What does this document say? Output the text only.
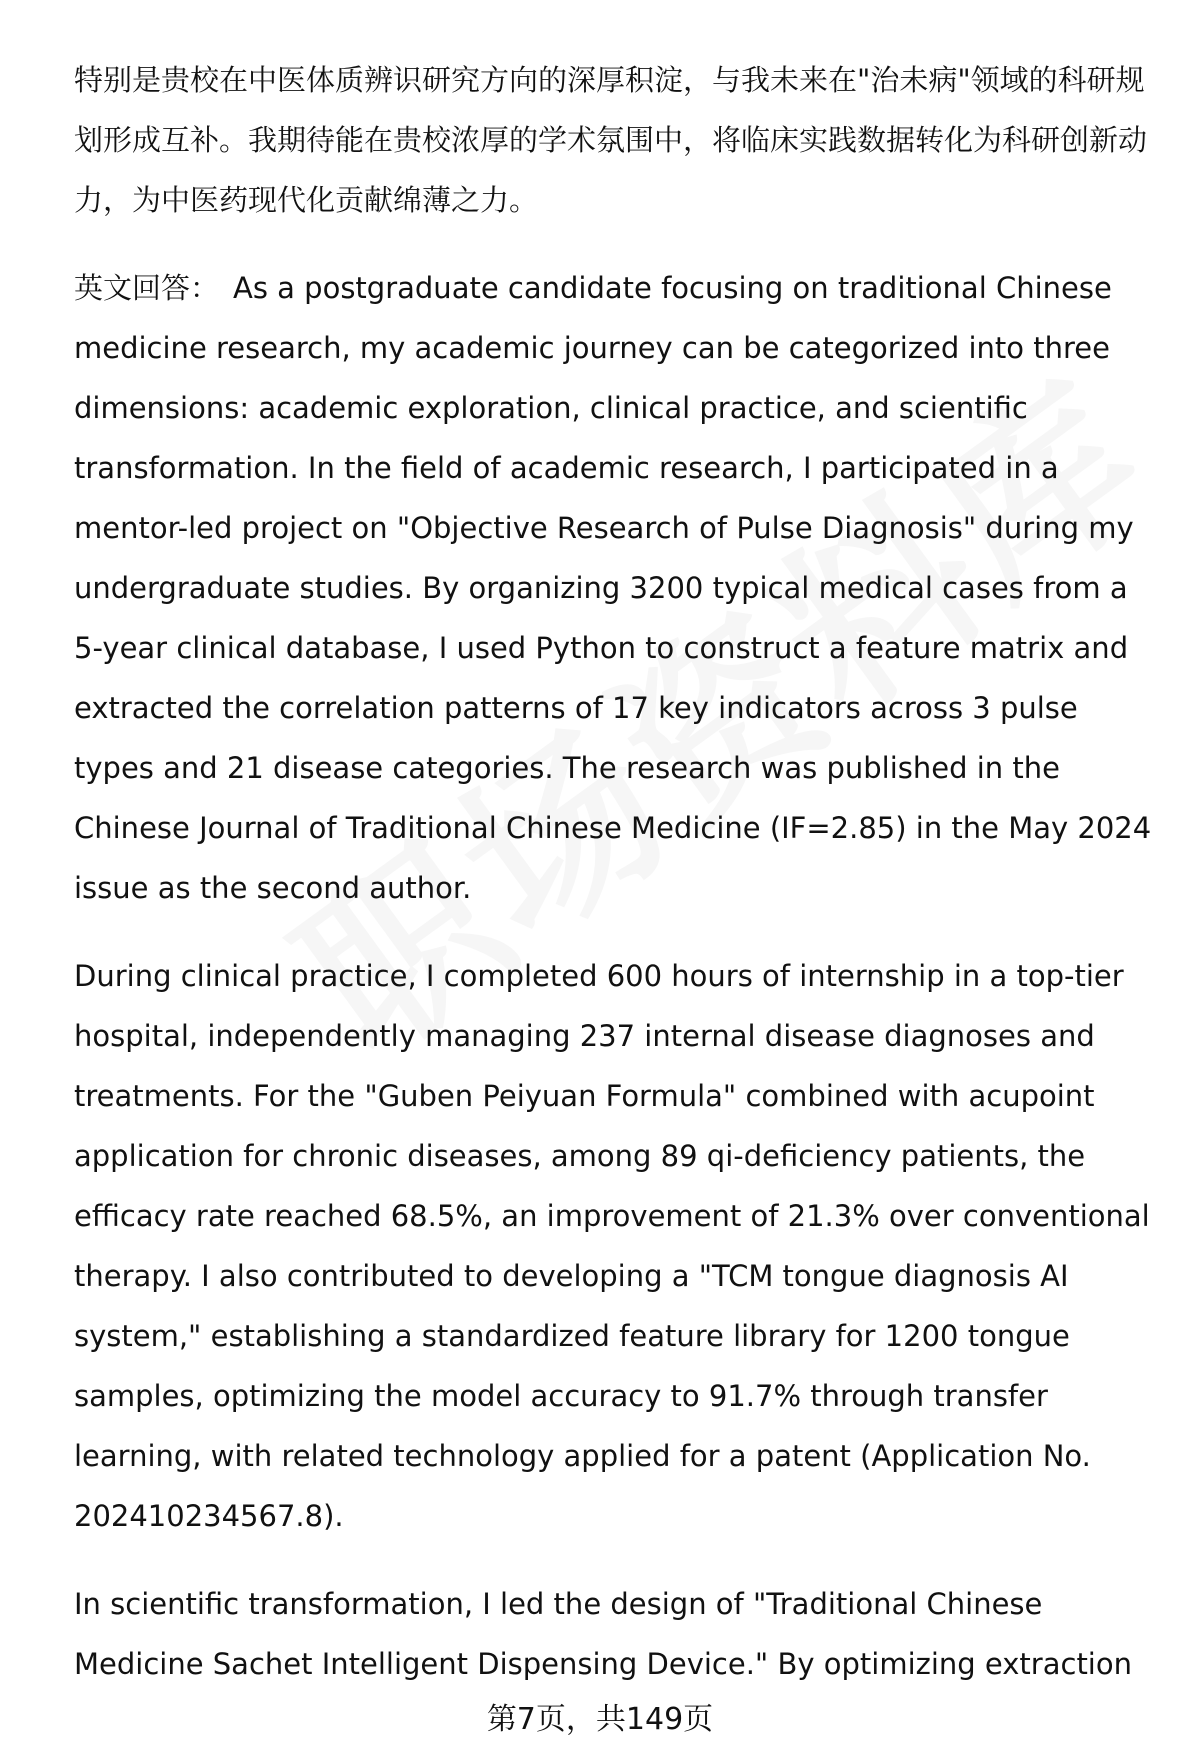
特别是贵校在中医体质辨识研究方向的深厚积淀，与我未来在"治未病"领域的科研规划形成互补。我期待能在贵校浓厚的学术氛围中，将临床实践数据转化为科研创新动力，为中医药现代化贡献绵薄之力。

英文回答： As a postgraduate candidate focusing on traditional Chinese medicine research, my academic journey can be categorized into three dimensions: academic exploration, clinical practice, and scientific transformation. In the field of academic research, I participated in a mentor-led project on "Objective Research of Pulse Diagnosis" during my undergraduate studies. By organizing 3200 typical medical cases from a 5-year clinical database, I used Python to construct a feature matrix and extracted the correlation patterns of 17 key indicators across 3 pulse types and 21 disease categories. The research was published in the Chinese Journal of Traditional Chinese Medicine (IF=2.85) in the May 2024 issue as the second author.

During clinical practice, I completed 600 hours of internship in a top-tier hospital, independently managing 237 internal disease diagnoses and treatments. For the "Guben Peiyuan Formula" combined with acupoint application for chronic diseases, among 89 qi-deficiency patients, the efficacy rate reached 68.5%, an improvement of 21.3% over conventional therapy. I also contributed to developing a "TCM tongue diagnosis AI system," establishing a standardized feature library for 1200 tongue samples, optimizing the model accuracy to 91.7% through transfer learning, with related technology applied for a patent (Application No. 202410234567.8).

In scientific transformation, I led the design of "Traditional Chinese Medicine Sachet Intelligent Dispensing Device." By optimizing extraction

第7页，共149页
